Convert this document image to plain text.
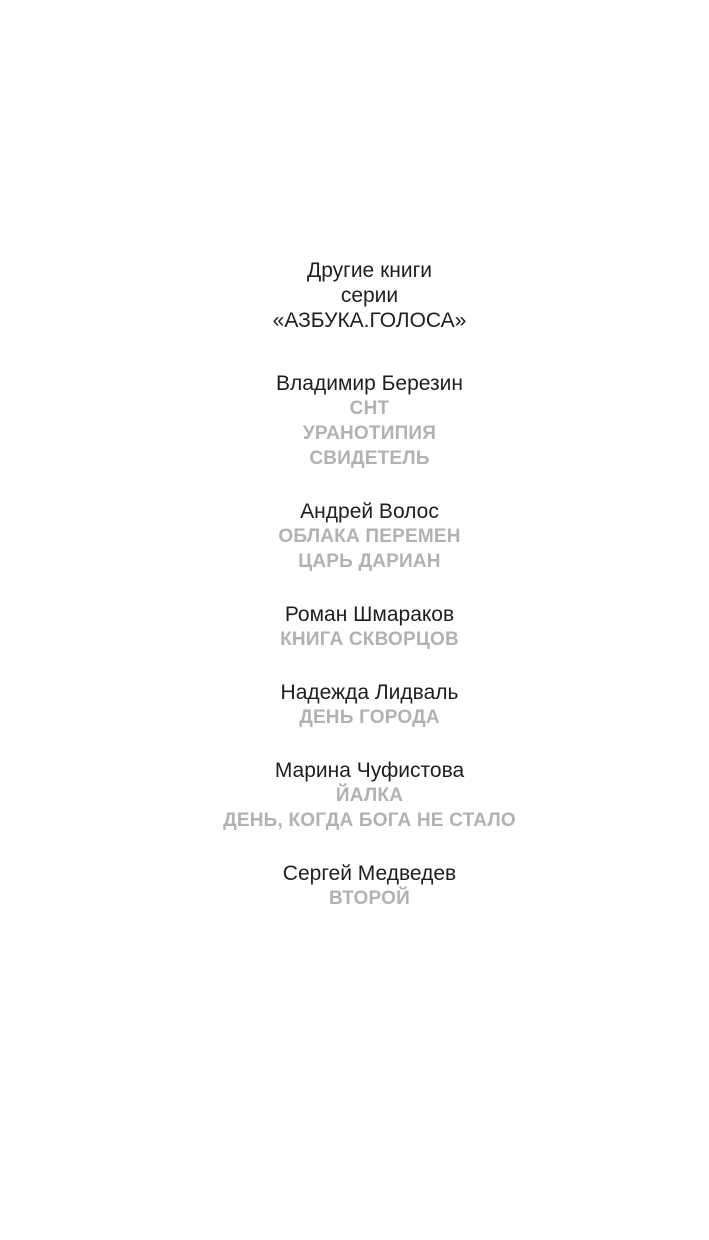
Другие книги
серии
«АЗБУКА.ГОЛОСА»
Владимир Березин
СНТ
УРАНОТИПИЯ
СВИДЕТЕЛЬ
Андрей Волос
ОБЛАКА ПЕРЕМЕН
ЦАРЬ ДАРИАН
Роман Шмараков
КНИГА СКВОРЦОВ
Надежда Лидваль
ДЕНЬ ГОРОДА
Марина Чуфистова
ЙАЛКА
ДЕНЬ, КОГДА БОГА НЕ СТАЛО
Сергей Медведев
ВТОРОЙ
